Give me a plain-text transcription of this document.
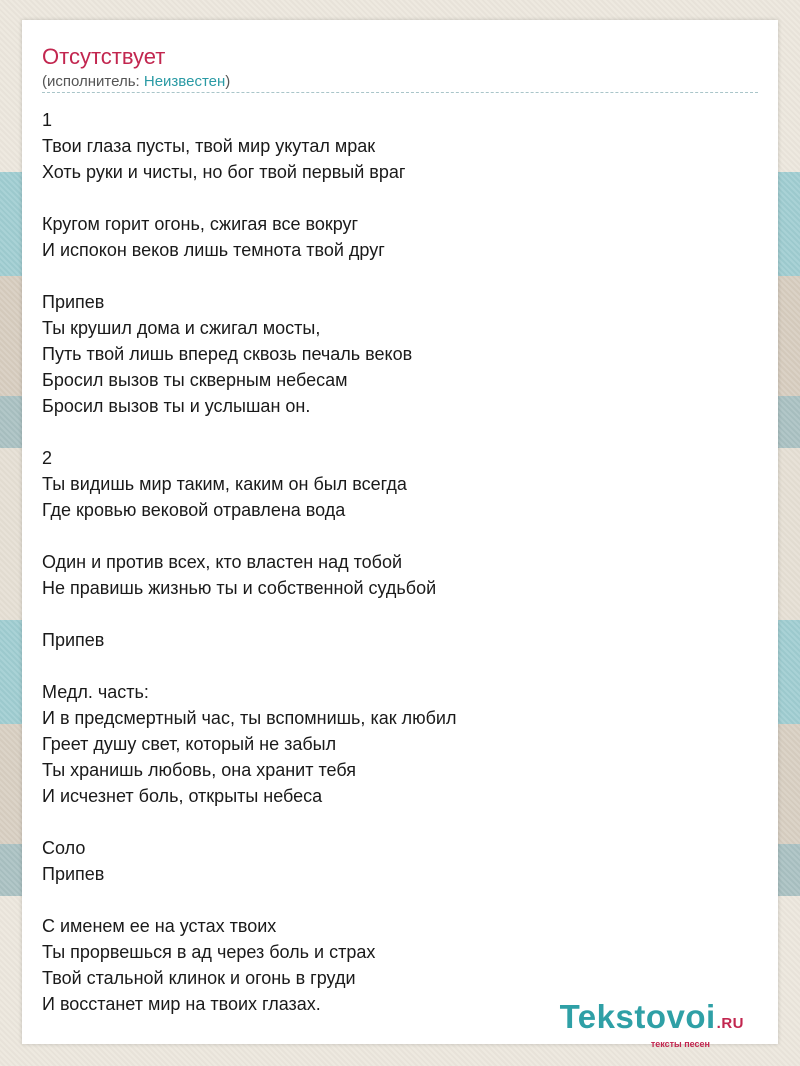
Отсутствует
(исполнитель: Неизвестен)
1
Твои глаза пусты, твой мир укутал мрак
Хоть руки и чисты, но бог твой первый враг
Кругом горит огонь, сжигая все вокруг
И испокон веков лишь темнота твой друг
Припев
Ты крушил дома и сжигал мосты,
Путь твой лишь вперед сквозь печаль веков
Бросил вызов ты скверным небесам
Бросил вызов ты и услышан он.
2
Ты видишь мир таким, каким он был всегда
Где кровью вековой отравлена вода
Один и против всех, кто властен над тобой
Не правишь жизнью ты и собственной судьбой
Припев
Медл. часть:
И в предсмертный час, ты вспомнишь, как любил
Греет душу свет, который не забыл
Ты хранишь любовь, она хранит тебя
И исчезнет боль, открыты небеса
Соло
Припев
С именем ее на устах твоих
Ты прорвешься в ад через боль и страх
Твой стальной клинок и огонь в груди
И восстанет мир на твоих глазах.	Tekstovoi.RU
тексты песен
